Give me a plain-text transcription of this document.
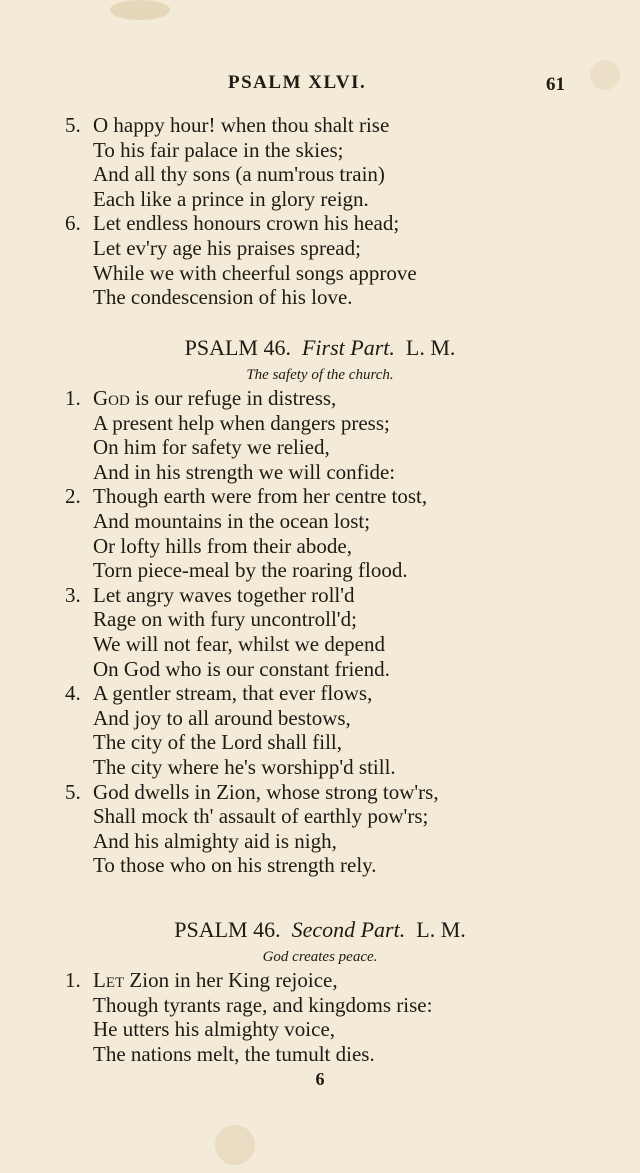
PSALM XLVI.	61
5. O happy hour! when thou shalt rise
To his fair palace in the skies;
And all thy sons (a num'rous train)
Each like a prince in glory reign.
6. Let endless honours crown his head;
Let ev'ry age his praises spread;
While we with cheerful songs approve
The condescension of his love.
PSALM 46. First Part. L. M.
The safety of the church.
1. God is our refuge in distress,
A present help when dangers press;
On him for safety we relied,
And in his strength we will confide:
2. Though earth were from her centre tost,
And mountains in the ocean lost;
Or lofty hills from their abode,
Torn piece-meal by the roaring flood.
3. Let angry waves together roll'd
Rage on with fury uncontroll'd;
We will not fear, whilst we depend
On God who is our constant friend.
4. A gentler stream, that ever flows,
And joy to all around bestows,
The city of the Lord shall fill,
The city where he's worshipp'd still.
5. God dwells in Zion, whose strong tow'rs,
Shall mock th' assault of earthly pow'rs;
And his almighty aid is nigh,
To those who on his strength rely.
PSALM 46. Second Part. L. M.
God creates peace.
1. Let Zion in her King rejoice,
Though tyrants rage, and kingdoms rise:
He utters his almighty voice,
The nations melt, the tumult dies.
6
